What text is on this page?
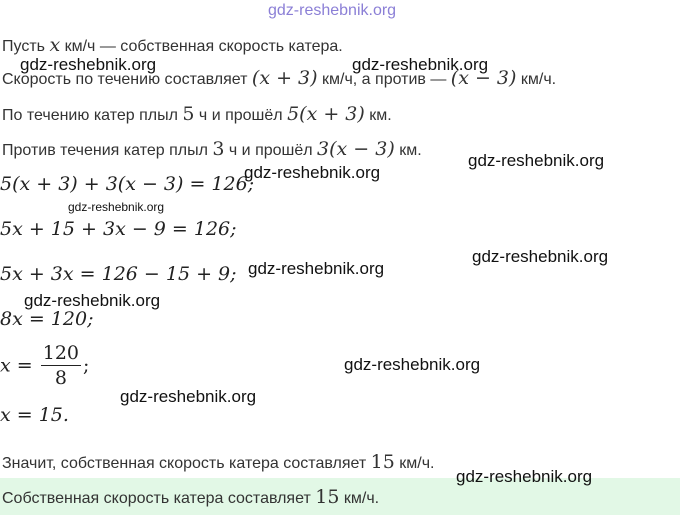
gdz-reshebnik.org
Пусть x км/ч — собственная скорость катера.
Скорость по течению составляет (x + 3) км/ч, а против — (x − 3) км/ч.
По течению катер плыл 5 ч и прошёл 5(x + 3) км.
Против течения катер плыл 3 ч и прошёл 3(x − 3) км.
5(x + 3) + 3(x − 3) = 126;
5x + 15 + 3x − 9 = 126;
5x + 3x = 126 − 15 + 9;
8x = 120;
$x = \frac{120}{8}$ ;
x = 15.
Значит, собственная скорость катера составляет 15 км/ч.
Собственная скорость катера составляет 15 км/ч.
gdz-reshebnik.org	gdz-reshebnik.org
gdz-reshebnik.org
gdz-reshebnik.org
gdz-reshebnik.org
gdz-reshebnik.org
gdz-reshebnik.org
gdz-reshebnik.org
gdz-reshebnik.org
gdz-reshebnik.org
gdz-reshebnik.org
